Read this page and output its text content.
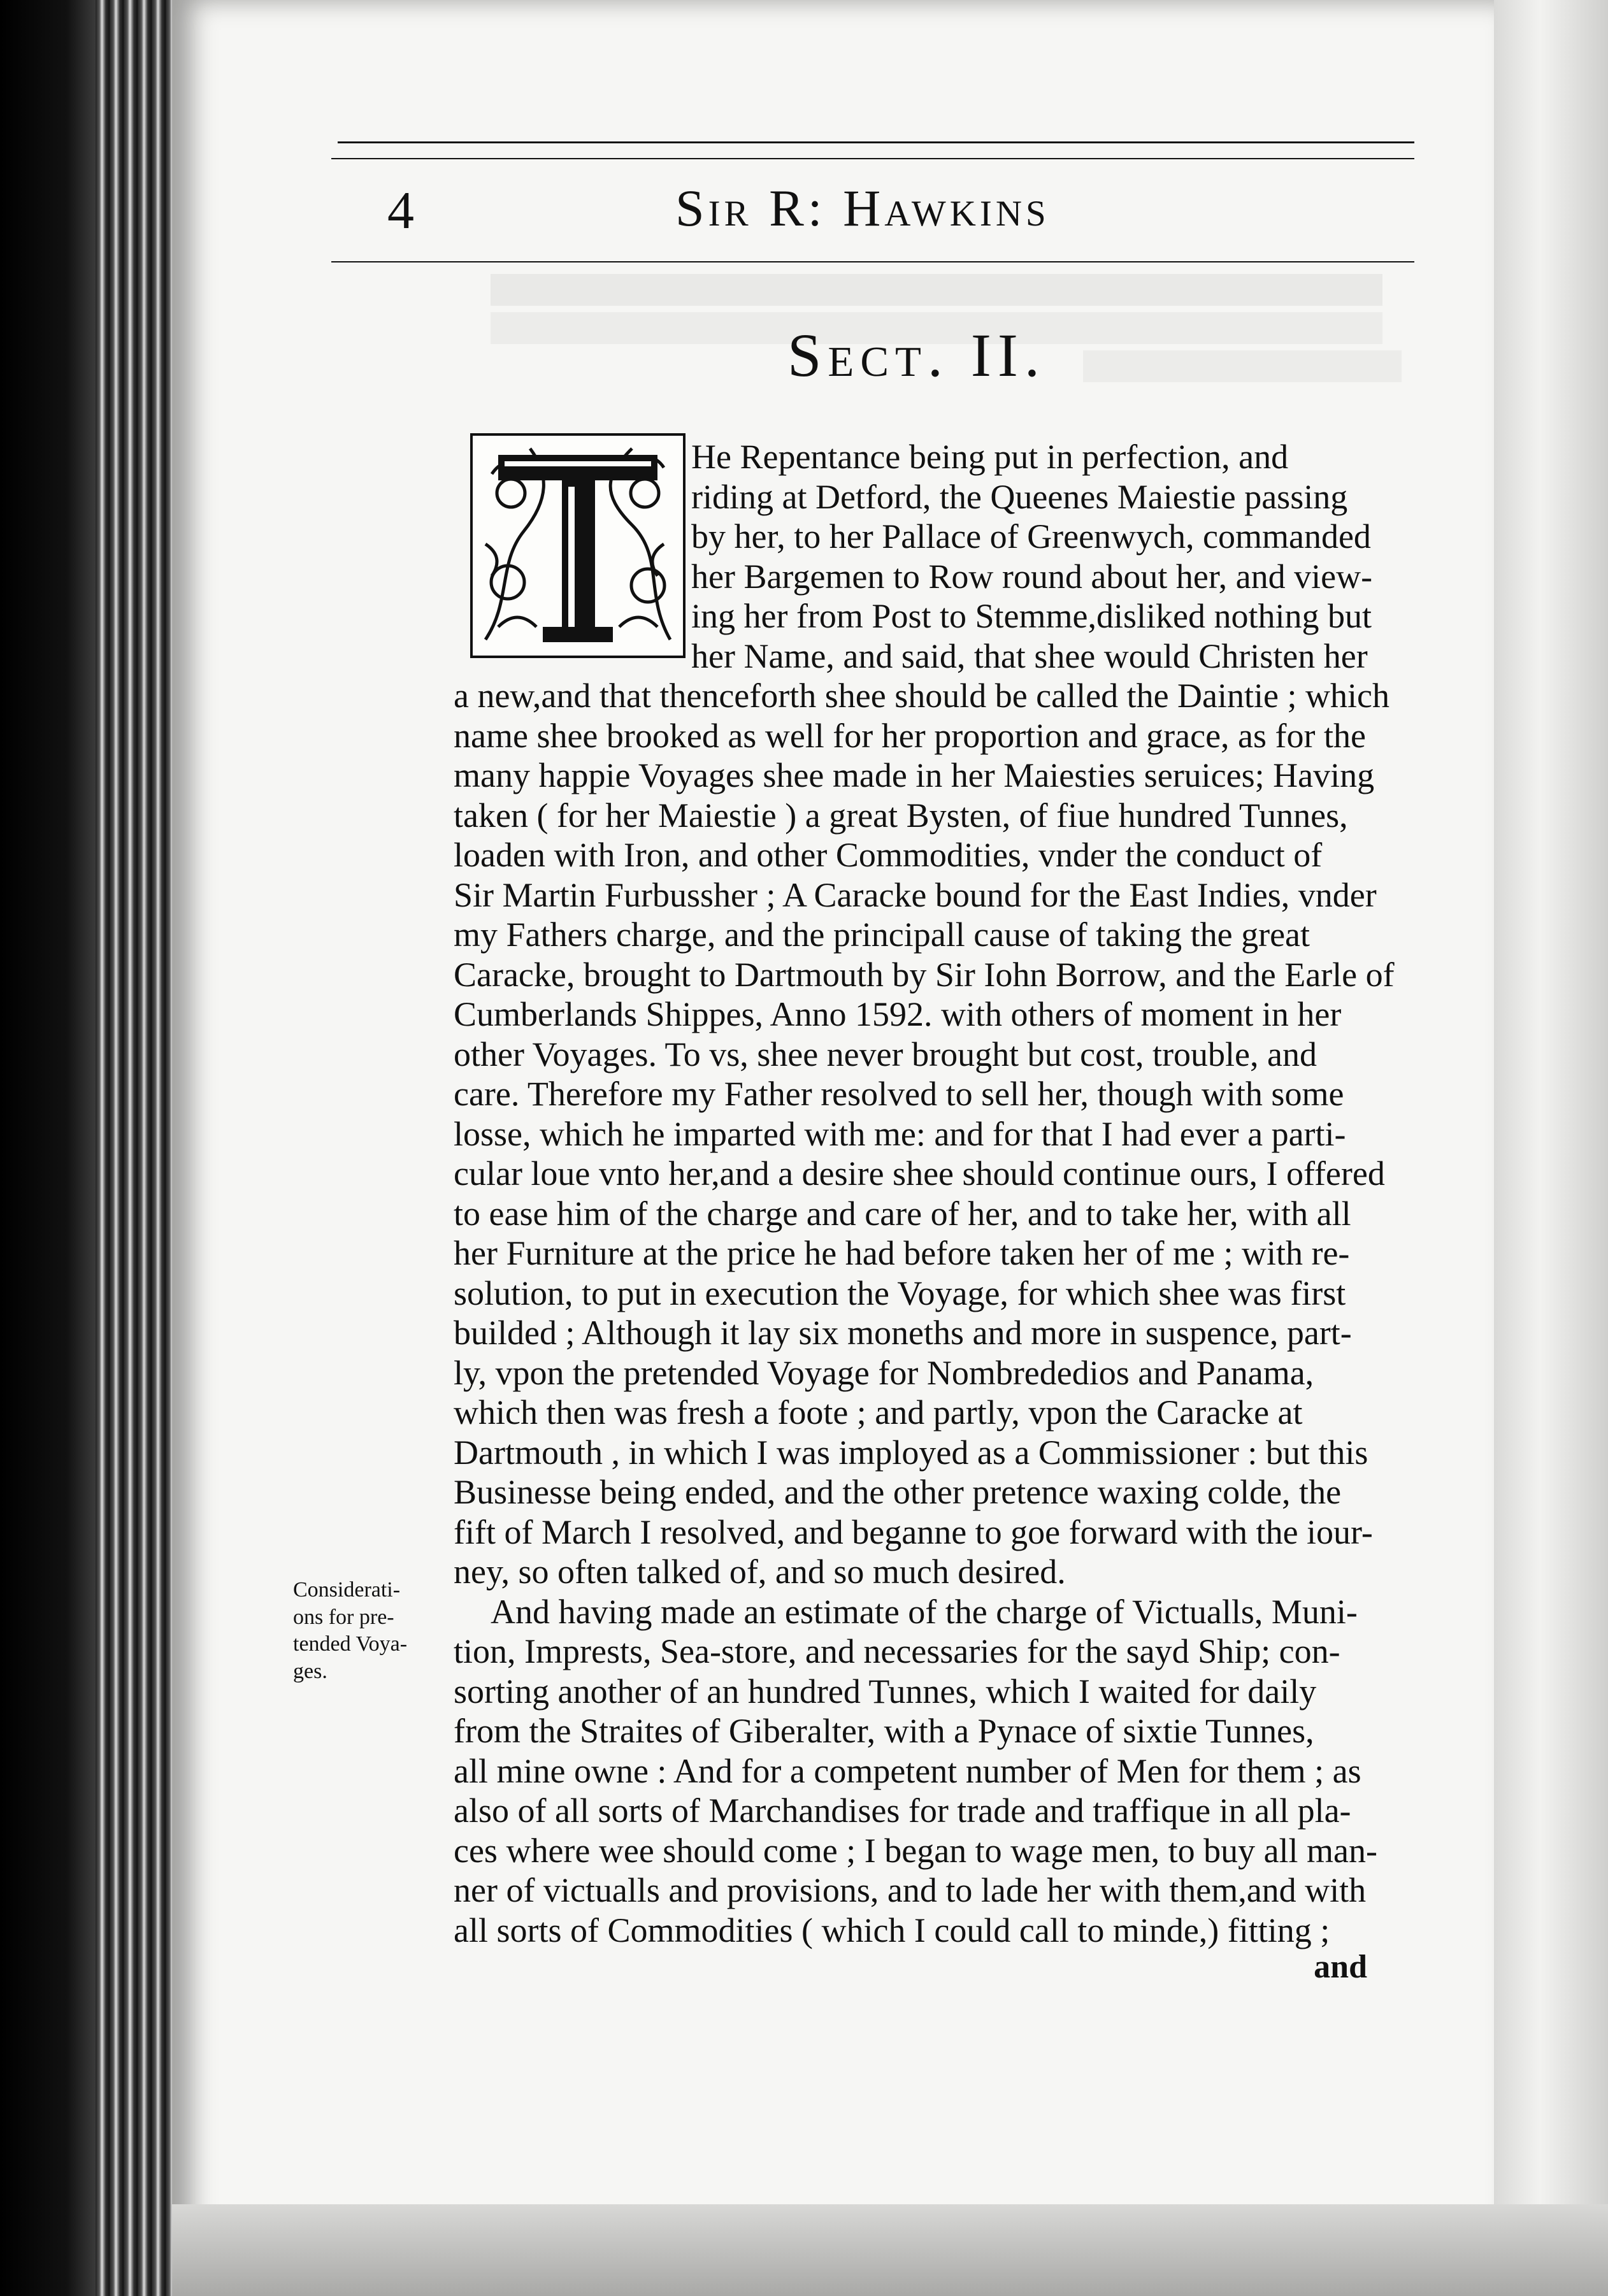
4	Sir R: Hawkins
Sect. II.
He Repentance being put in perfection, and
riding at Detford, the Queenes Maiestie passing
by her, to her Pallace of Greenwych, commanded
her Bargemen to Row round about her, and view-
ing her from Post to Stemme,disliked nothing but
her Name, and said, that shee would Christen her
a new,and that thenceforth shee should be called the Daintie ; which
name shee brooked as well for her proportion and grace, as for the
many happie Voyages shee made in her Maiesties seruices; Having
taken ( for her Maiestie ) a great Bysten, of fiue hundred Tunnes,
loaden with Iron, and other Commodities, vnder the conduct of
Sir Martin Furbussher ; A Caracke bound for the East Indies, vnder
my Fathers charge, and the principall cause of taking the great
Caracke, brought to Dartmouth by Sir Iohn Borrow, and the Earle of
Cumberlands Shippes, Anno 1592. with others of moment in her
other Voyages. To vs, shee never brought but cost, trouble, and
care. Therefore my Father resolved to sell her, though with some
losse, which he imparted with me: and for that I had ever a parti-
cular loue vnto her,and a desire shee should continue ours, I offered
to ease him of the charge and care of her, and to take her, with all
her Furniture at the price he had before taken her of me ; with re-
solution, to put in execution the Voyage, for which shee was first
builded ; Although it lay six moneths and more in suspence, part-
ly, vpon the pretended Voyage for Nombrededios and Panama,
which then was fresh a foote ; and partly, vpon the Caracke at
Dartmouth , in which I was imployed as a Commissioner : but this
Businesse being ended, and the other pretence waxing colde, the
fift of March I resolved, and beganne to goe forward with the iour-
ney, so often talked of, and so much desired.
And having made an estimate of the charge of Victualls, Muni-
tion, Imprests, Sea-store, and necessaries for the sayd Ship; con-
sorting another of an hundred Tunnes, which I waited for daily
from the Straites of Giberalter, with a Pynace of sixtie Tunnes,
all mine owne : And for a competent number of Men for them ; as
also of all sorts of Marchandises for trade and traffique in all pla-
ces where wee should come ; I began to wage men, to buy all man-
ner of victualls and provisions, and to lade her with them,and with
all sorts of Commodities ( which I could call to minde,) fitting ;
Considerati-
ons for pre-
tended Voya-
ges.
and
